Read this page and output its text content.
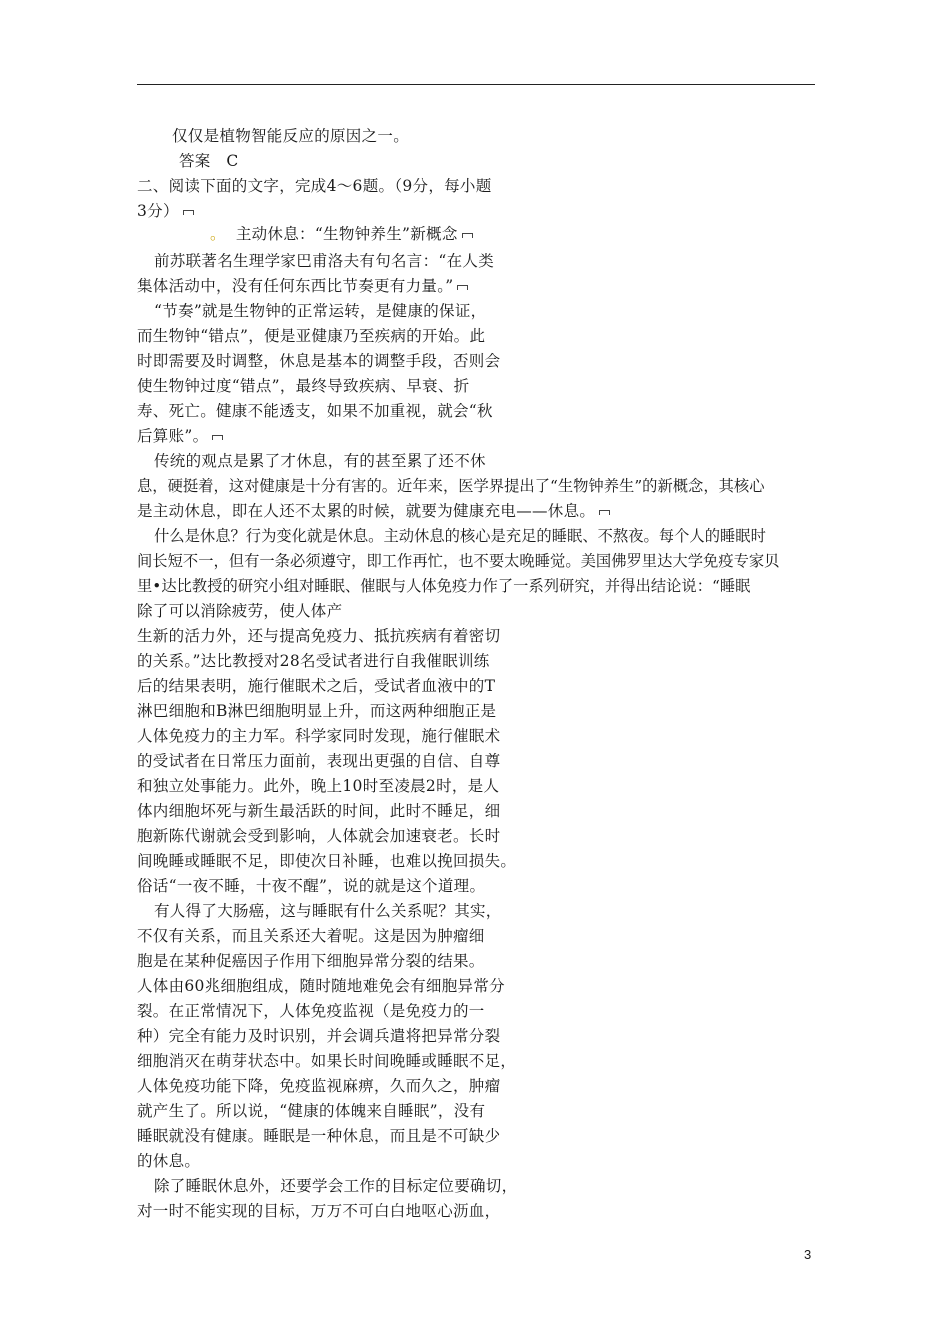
仅仅是植物智能反应的原因之一。
答案　C
二、阅读下面的文字，完成4～6题。（9分，每小题
3分）
。 主动休息：“生物钟养生”新概念
前苏联著名生理学家巴甫洛夫有句名言：“在人类
集体活动中，没有任何东西比节奏更有力量。”
“节奏”就是生物钟的正常运转，是健康的保证，
而生物钟“错点”，便是亚健康乃至疾病的开始。此
时即需要及时调整，休息是基本的调整手段，否则会
使生物钟过度“错点”，最终导致疾病、早衰、折
寿、死亡。健康不能透支，如果不加重视，就会“秋
后算账”。
传统的观点是累了才休息，有的甚至累了还不休
息，硬挺着，这对健康是十分有害的。近年来，医学界提出了“生物钟养生”的新概念，其核心
是主动休息，即在人还不太累的时候，就要为健康充电——休息。
什么是休息？行为变化就是休息。主动休息的核心是充足的睡眠、不熬夜。每个人的睡眠时
间长短不一，但有一条必须遵守，即工作再忙，也不要太晚睡觉。美国佛罗里达大学免疫专家贝
里•达比教授的研究小组对睡眠、催眠与人体免疫力作了一系列研究，并得出结论说：“睡眠
除了可以消除疲劳，使人体产
生新的活力外，还与提高免疫力、抵抗疾病有着密切
的关系。”达比教授对28名受试者进行自我催眠训练
后的结果表明，施行催眠术之后，受试者血液中的T
淋巴细胞和B淋巴细胞明显上升，而这两种细胞正是
人体免疫力的主力军。科学家同时发现，施行催眠术
的受试者在日常压力面前，表现出更强的自信、自尊
和独立处事能力。此外，晚上10时至凌晨2时，是人
体内细胞坏死与新生最活跃的时间，此时不睡足，细
胞新陈代谢就会受到影响，人体就会加速衰老。长时
间晚睡或睡眠不足，即使次日补睡，也难以挽回损失。
俗话“一夜不睡，十夜不醒”，说的就是这个道理。
有人得了大肠癌，这与睡眠有什么关系呢？其实，
不仅有关系，而且关系还大着呢。这是因为肿瘤细
胞是在某种促癌因子作用下细胞异常分裂的结果。
人体由60兆细胞组成，随时随地难免会有细胞异常分
裂。在正常情况下，人体免疫监视（是免疫力的一
种）完全有能力及时识别，并会调兵遣将把异常分裂
细胞消灭在萌芽状态中。如果长时间晚睡或睡眠不足，
人体免疫功能下降，免疫监视麻痹，久而久之，肿瘤
就产生了。所以说，“健康的体魄来自睡眠”，没有
睡眠就没有健康。睡眠是一种休息，而且是不可缺少
的休息。
除了睡眠休息外，还要学会工作的目标定位要确切，
对一时不能实现的目标，万万不可白白地呕心沥血，
3
